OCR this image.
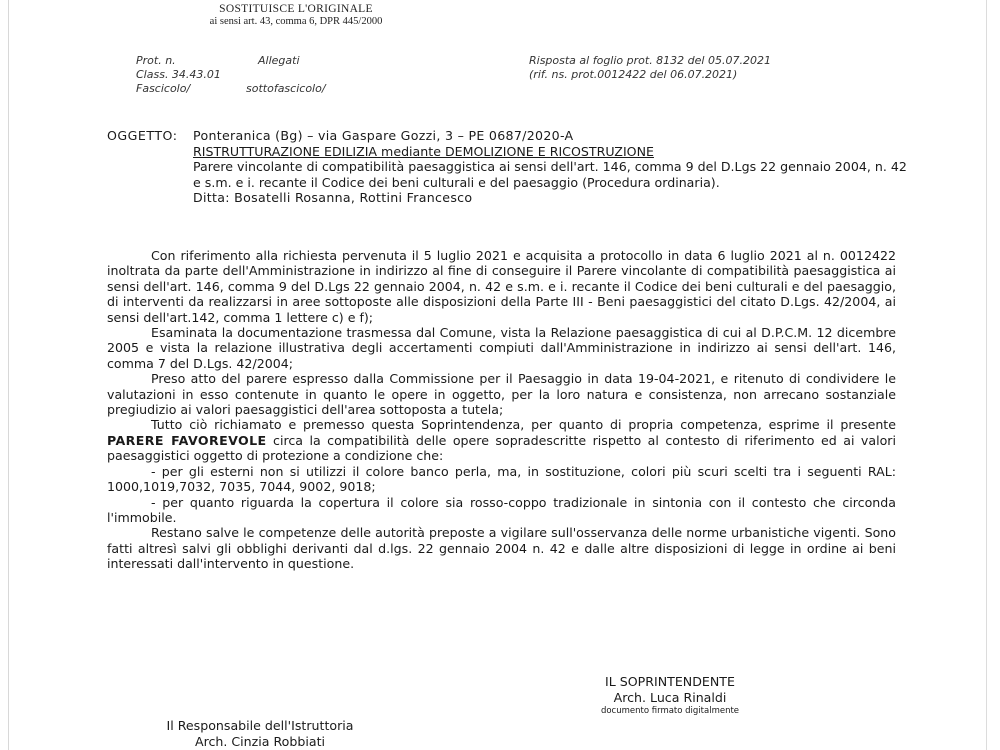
SOSTITUISCE L'ORIGINALE
ai sensi art. 43, comma 6, DPR 445/2000
Prot. n.	Allegati
Class. 34.43.01
Fascicolo/	sottofascicolo/
Risposta al foglio prot. 8132 del 05.07.2021
(rif. ns. prot.0012422 del 06.07.2021)
OGGETTO: Ponteranica (Bg) – via Gaspare Gozzi, 3 – PE 0687/2020-A
RISTRUTTURAZIONE EDILIZIA mediante DEMOLIZIONE E RICOSTRUZIONE
Parere vincolante di compatibilità paesaggistica ai sensi dell'art. 146, comma 9 del D.Lgs 22 gennaio 2004, n. 42 e s.m. e i. recante il Codice dei beni culturali e del paesaggio (Procedura ordinaria).
Ditta: Bosatelli Rosanna, Rottini Francesco

Con riferimento alla richiesta pervenuta il 5 luglio 2021 e acquisita a protocollo in data 6 luglio 2021 al n. 0012422 inoltrata da parte dell'Amministrazione in indirizzo al fine di conseguire il Parere vincolante di compatibilità paesaggistica ai sensi dell'art. 146, comma 9 del D.Lgs 22 gennaio 2004, n. 42 e s.m. e i. recante il Codice dei beni culturali e del paesaggio, di interventi da realizzarsi in aree sottoposte alle disposizioni della Parte III - Beni paesaggistici del citato D.Lgs. 42/2004, ai sensi dell'art.142, comma 1 lettere c) e f);

Esaminata la documentazione trasmessa dal Comune, vista la Relazione paesaggistica di cui al D.P.C.M. 12 dicembre 2005 e vista la relazione illustrativa degli accertamenti compiuti dall'Amministrazione in indirizzo ai sensi dell'art. 146, comma 7 del D.Lgs. 42/2004;

Preso atto del parere espresso dalla Commissione per il Paesaggio in data 19-04-2021, e ritenuto di condividere le valutazioni in esso contenute in quanto le opere in oggetto, per la loro natura e consistenza, non arrecano sostanziale pregiudizio ai valori paesaggistici dell'area sottoposta a tutela;

Tutto ciò richiamato e premesso questa Soprintendenza, per quanto di propria competenza, esprime il presente PARERE FAVOREVOLE circa la compatibilità delle opere sopradescritte rispetto al contesto di riferimento ed ai valori paesaggistici oggetto di protezione a condizione che:

- per gli esterni non si utilizzi il colore banco perla, ma, in sostituzione, colori più scuri scelti tra i seguenti RAL: 1000,1019,7032, 7035, 7044, 9002, 9018;

- per quanto riguarda la copertura il colore sia rosso-coppo tradizionale in sintonia con il contesto che circonda l'immobile.

Restano salve le competenze delle autorità preposte a vigilare sull'osservanza delle norme urbanistiche vigenti. Sono fatti altresì salvi gli obblighi derivanti dal d.lgs. 22 gennaio 2004 n. 42 e dalle altre disposizioni di legge in ordine ai beni interessati dall'intervento in questione.

IL SOPRINTENDENTE
Arch. Luca Rinaldi
documento firmato digitalmente
Il Responsabile dell'Istruttoria
Arch. Cinzia Robbiati
